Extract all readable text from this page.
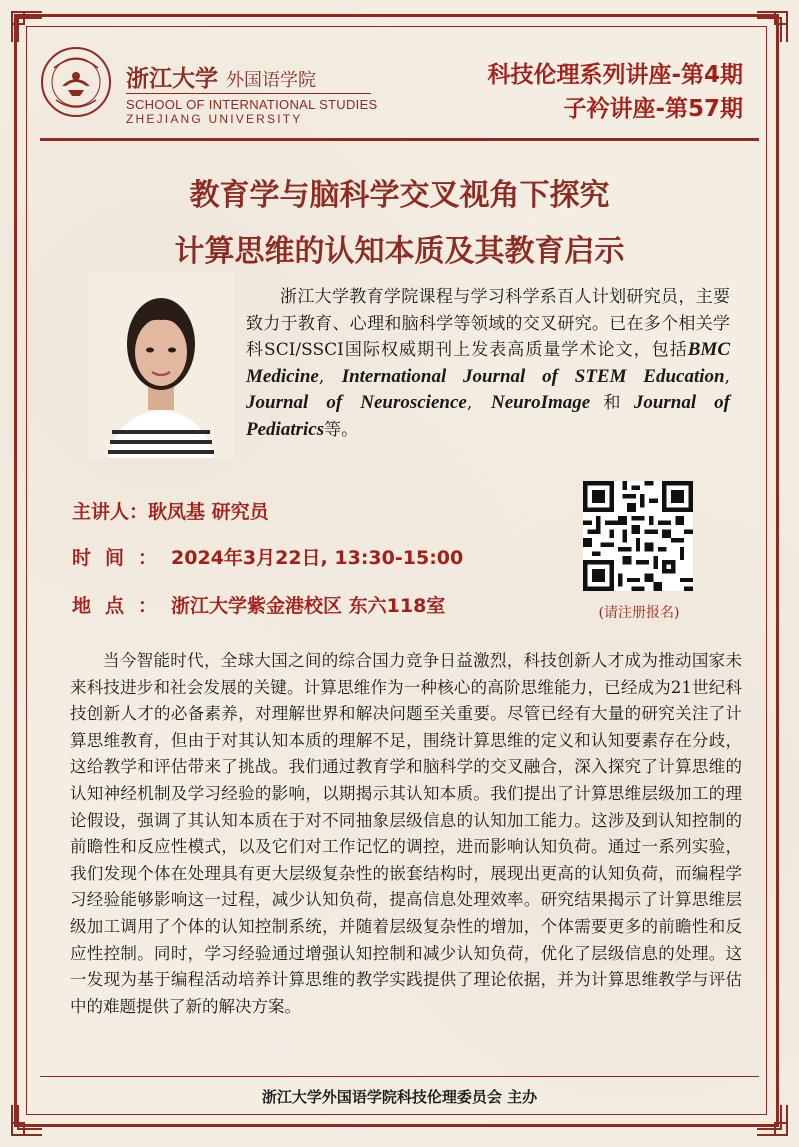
浙江大学 外国语学院
SCHOOL OF INTERNATIONAL STUDIES
ZHEJIANG UNIVERSITY
科技伦理系列讲座-第4期
子衿讲座-第57期
教育学与脑科学交叉视角下探究
计算思维的认知本质及其教育启示
浙江大学教育学院课程与学习科学系百人计划研究员，主要致力于教育、心理和脑科学等领域的交叉研究。已在多个相关学科SCI/SSCI国际权威期刊上发表高质量学术论文，包括BMC Medicine, International Journal of STEM Education, Journal of Neuroscience, NeuroImage和Journal of Pediatrics等。
主讲人：耿凤基 研究员
时间：2024年3月22日, 13:30-15:00
地点：浙江大学紫金港校区 东六118室	(请注册报名)
当今智能时代，全球大国之间的综合国力竞争日益激烈，科技创新人才成为推动国家未来科技进步和社会发展的关键。计算思维作为一种核心的高阶思维能力，已经成为21世纪科技创新人才的必备素养，对理解世界和解决问题至关重要。尽管已经有大量的研究关注了计算思维教育，但由于对其认知本质的理解不足，围绕计算思维的定义和认知要素存在分歧，这给教学和评估带来了挑战。我们通过教育学和脑科学的交叉融合，深入探究了计算思维的认知神经机制及学习经验的影响，以期揭示其认知本质。我们提出了计算思维层级加工的理论假设，强调了其认知本质在于对不同抽象层级信息的认知加工能力。这涉及到认知控制的前瞻性和反应性模式，以及它们对工作记忆的调控，进而影响认知负荷。通过一系列实验，我们发现个体在处理具有更大层级复杂性的嵌套结构时，展现出更高的认知负荷，而编程学习经验能够影响这一过程，减少认知负荷，提高信息处理效率。研究结果揭示了计算思维层级加工调用了个体的认知控制系统，并随着层级复杂性的增加，个体需要更多的前瞻性和反应性控制。同时，学习经验通过增强认知控制和减少认知负荷，优化了层级信息的处理。这一发现为基于编程活动培养计算思维的教学实践提供了理论依据，并为计算思维教学与评估中的难题提供了新的解决方案。
浙江大学外国语学院科技伦理委员会 主办
